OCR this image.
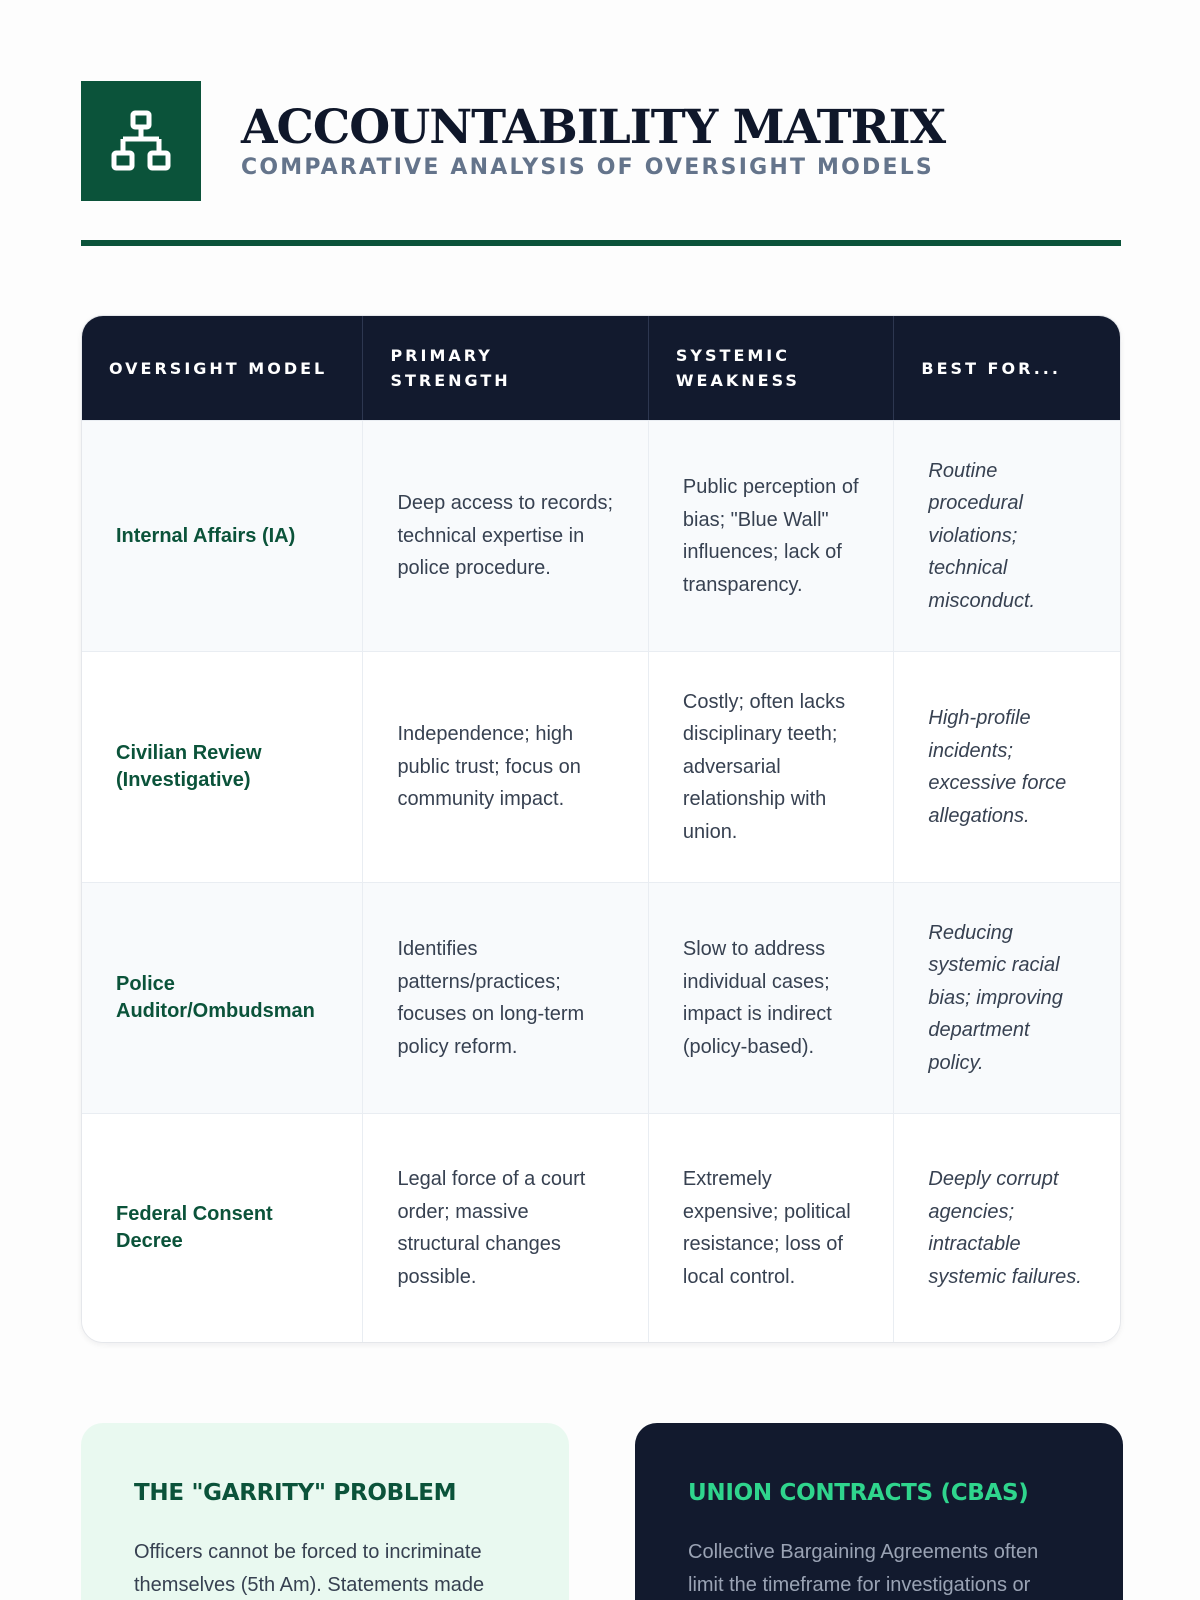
ACCOUNTABILITY MATRIX
COMPARATIVE ANALYSIS OF OVERSIGHT MODELS
OVERSIGHT MODEL
PRIMARY STRENGTH
SYSTEMIC WEAKNESS
BEST FOR...
Internal Affairs (IA)
Deep access to records; technical expertise in police procedure.
Public perception of bias; "Blue Wall" influences; lack of transparency.
Routine procedural violations; technical misconduct.
Civilian Review (Investigative)
Independence; high public trust; focus on community impact.
Costly; often lacks disciplinary teeth; adversarial relationship with union.
High-profile incidents; excessive force allegations.
Police Auditor/Ombudsman
Identifies patterns/practices; focuses on long-term policy reform.
Slow to address individual cases; impact is indirect (policy-based).
Reducing systemic racial bias; improving department policy.
Federal Consent Decree
Legal force of a court order; massive structural changes possible.
Extremely expensive; political resistance; loss of local control.
Deeply corrupt agencies; intractable systemic failures.
THE "GARRITY" PROBLEM
Officers cannot be forced to incriminate themselves (5th Am). Statements made
UNION CONTRACTS (CBAS)
Collective Bargaining Agreements often limit the timeframe for investigations or
